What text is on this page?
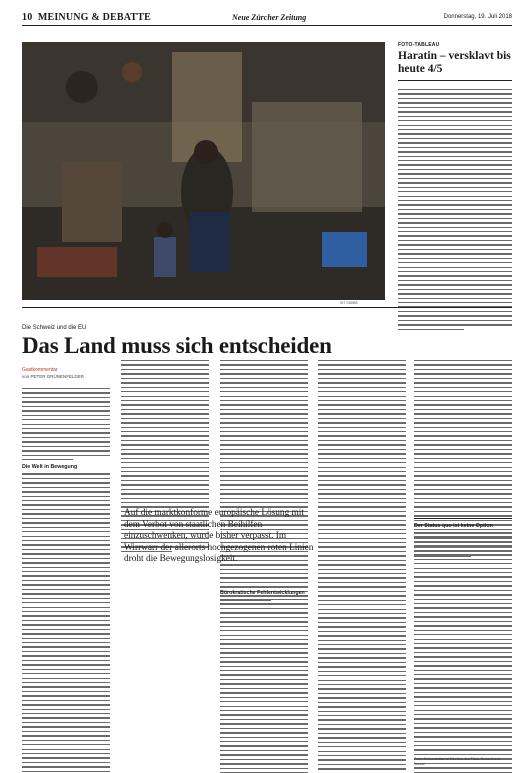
10 MEINUNG & DEBATTE	Neue Zürcher Zeitung	Donnerstag, 19. Juli 2018
SIT SIDIBÉ
FOTO-TABLEAU
Haratin – versklavt bis heute 4/5
Die Schweiz und die EU
Das Land muss sich entscheiden
Gastkommentar
von PETER GRÜNENFELDER
Die Welt in Bewegung
Auf die marktkonforme europäische Lösung mit dem Verbot von staatlichen Beihilfen einzuschwenken, wurde bisher verpasst. Im Wirrwarr der allerorts hochgezogenen roten Linien droht die Bewegungslosigkeit.
Bürokratische Fehlentwicklungen
Der Status quo ist keine Option
Peter Grünenfelder ist Direktor des Think-Tanks Avenir Suisse.
